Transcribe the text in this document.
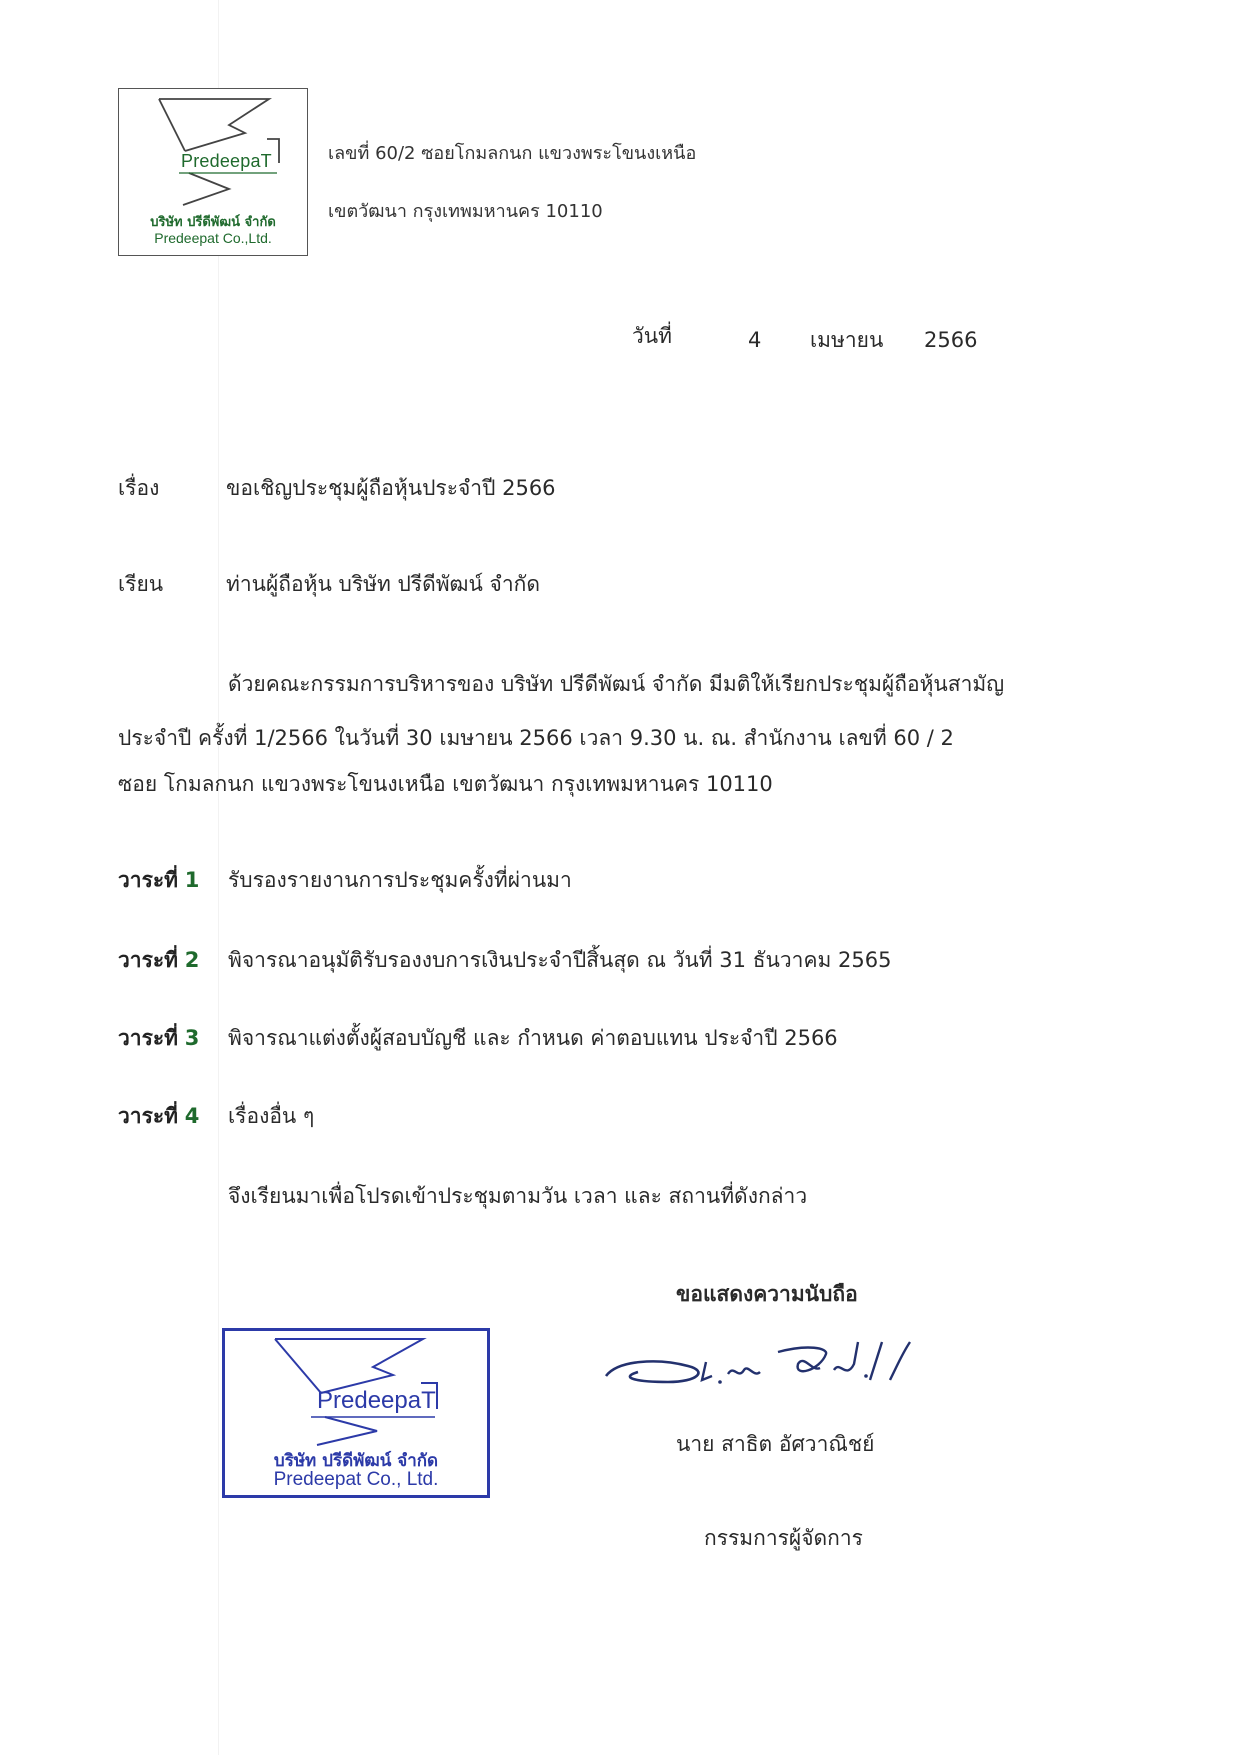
PredeepaT
บริษัท ปรีดีพัฒน์ จำกัด
Predeepat Co.,Ltd.
เลขที่ 60/2 ซอยโกมลกนก แขวงพระโขนงเหนือ
เขตวัฒนา กรุงเทพมหานคร 10110
วันที่	4 เมษายน 2566
เรื่อง	ขอเชิญประชุมผู้ถือหุ้นประจำปี 2566
เรียน	ท่านผู้ถือหุ้น บริษัท ปรีดีพัฒน์ จำกัด
ด้วยคณะกรรมการบริหารของ บริษัท ปรีดีพัฒน์ จำกัด มีมติให้เรียกประชุมผู้ถือหุ้นสามัญ
ประจำปี ครั้งที่ 1/2566 ในวันที่ 30 เมษายน 2566 เวลา 9.30 น. ณ. สำนักงาน เลขที่ 60 / 2
ซอย โกมลกนก แขวงพระโขนงเหนือ เขตวัฒนา กรุงเทพมหานคร 10110
วาระที่ 1 รับรองรายงานการประชุมครั้งที่ผ่านมา
วาระที่ 2 พิจารณาอนุมัติรับรองงบการเงินประจำปีสิ้นสุด ณ วันที่ 31 ธันวาคม 2565
วาระที่ 3 พิจารณาแต่งตั้งผู้สอบบัญชี และ กำหนด ค่าตอบแทน ประจำปี 2566
วาระที่ 4 เรื่องอื่น ๆ
จึงเรียนมาเพื่อโปรดเข้าประชุมตามวัน เวลา และ สถานที่ดังกล่าว
ขอแสดงความนับถือ
นาย สาธิต อัศวาณิชย์
กรรมการผู้จัดการ
PredeepaT
บริษัท ปรีดีพัฒน์ จำกัด
Predeepat Co., Ltd.
